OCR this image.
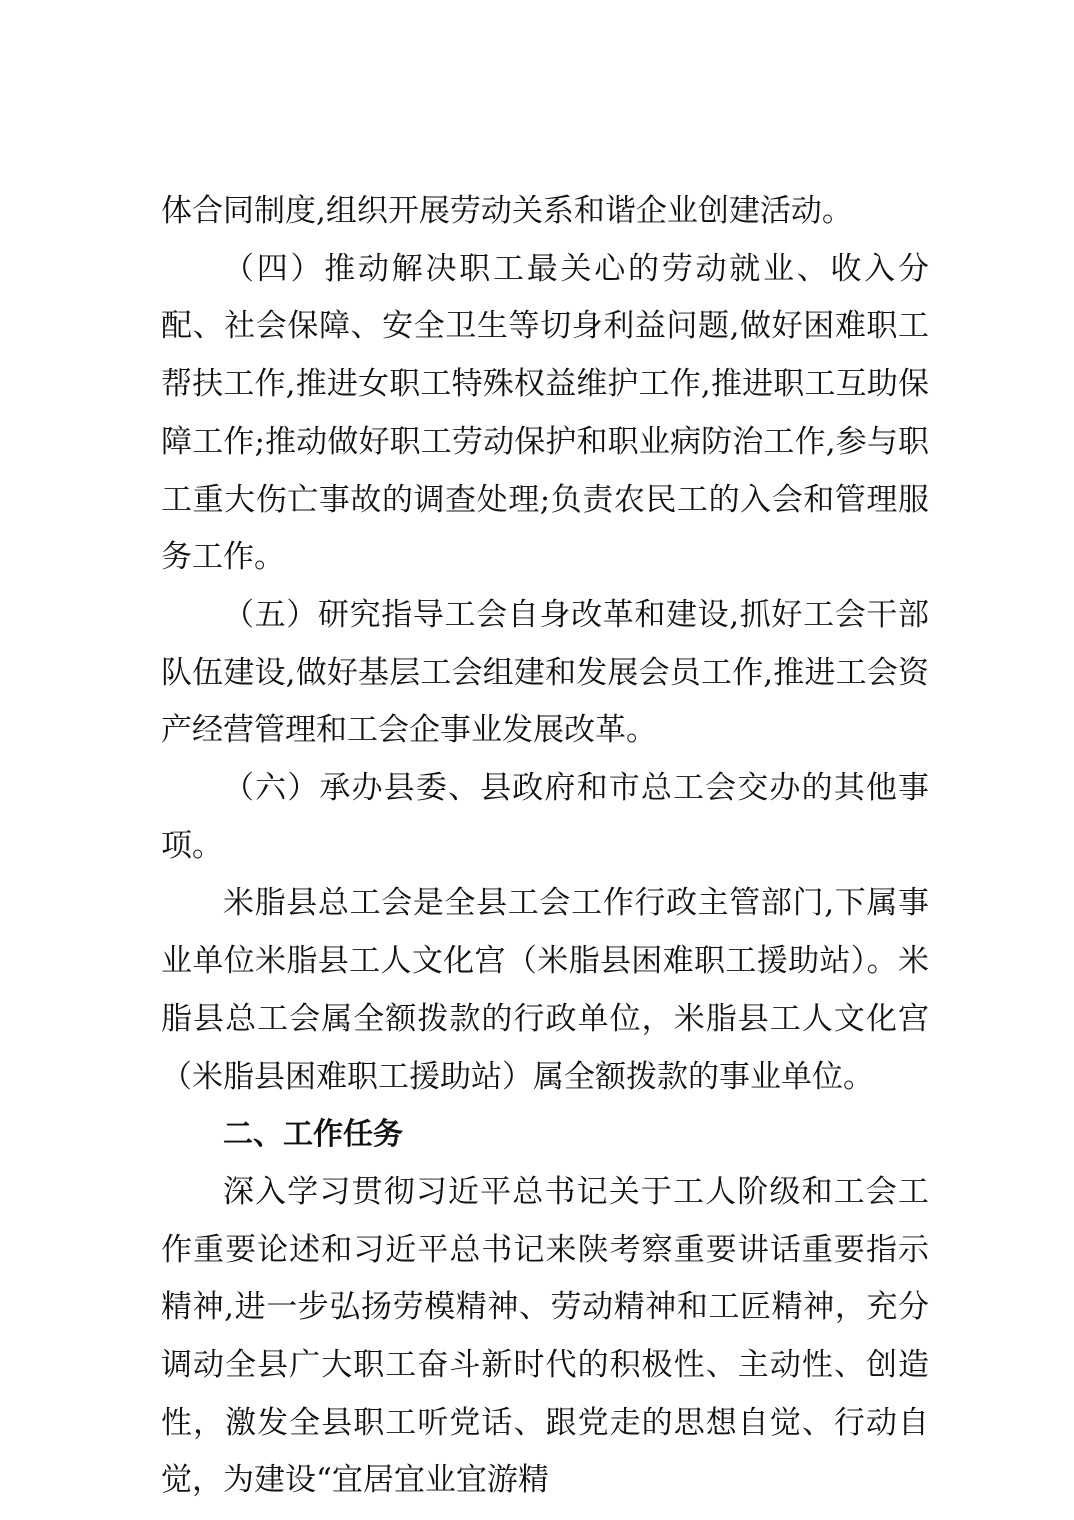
体合同制度,组织开展劳动关系和谐企业创建活动。

（四）推动解决职工最关心的劳动就业、收入分配、社会保障、安全卫生等切身利益问题,做好困难职工帮扶工作,推进女职工特殊权益维护工作,推进职工互助保障工作;推动做好职工劳动保护和职业病防治工作,参与职工重大伤亡事故的调查处理;负责农民工的入会和管理服务工作。

（五）研究指导工会自身改革和建设,抓好工会干部队伍建设,做好基层工会组建和发展会员工作,推进工会资产经营管理和工会企事业发展改革。

（六）承办县委、县政府和市总工会交办的其他事项。

米脂县总工会是全县工会工作行政主管部门,下属事业单位米脂县工人文化宫（米脂县困难职工援助站）。米脂县总工会属全额拨款的行政单位，米脂县工人文化宫（米脂县困难职工援助站）属全额拨款的事业单位。

二、工作任务

深入学习贯彻习近平总书记关于工人阶级和工会工作重要论述和习近平总书记来陕考察重要讲话重要指示精神,进一步弘扬劳模精神、劳动精神和工匠精神，充分调动全县广大职工奋斗新时代的积极性、主动性、创造性，激发全县职工听党话、跟党走的思想自觉、行动自觉，为建设“宜居宜业宜游精
